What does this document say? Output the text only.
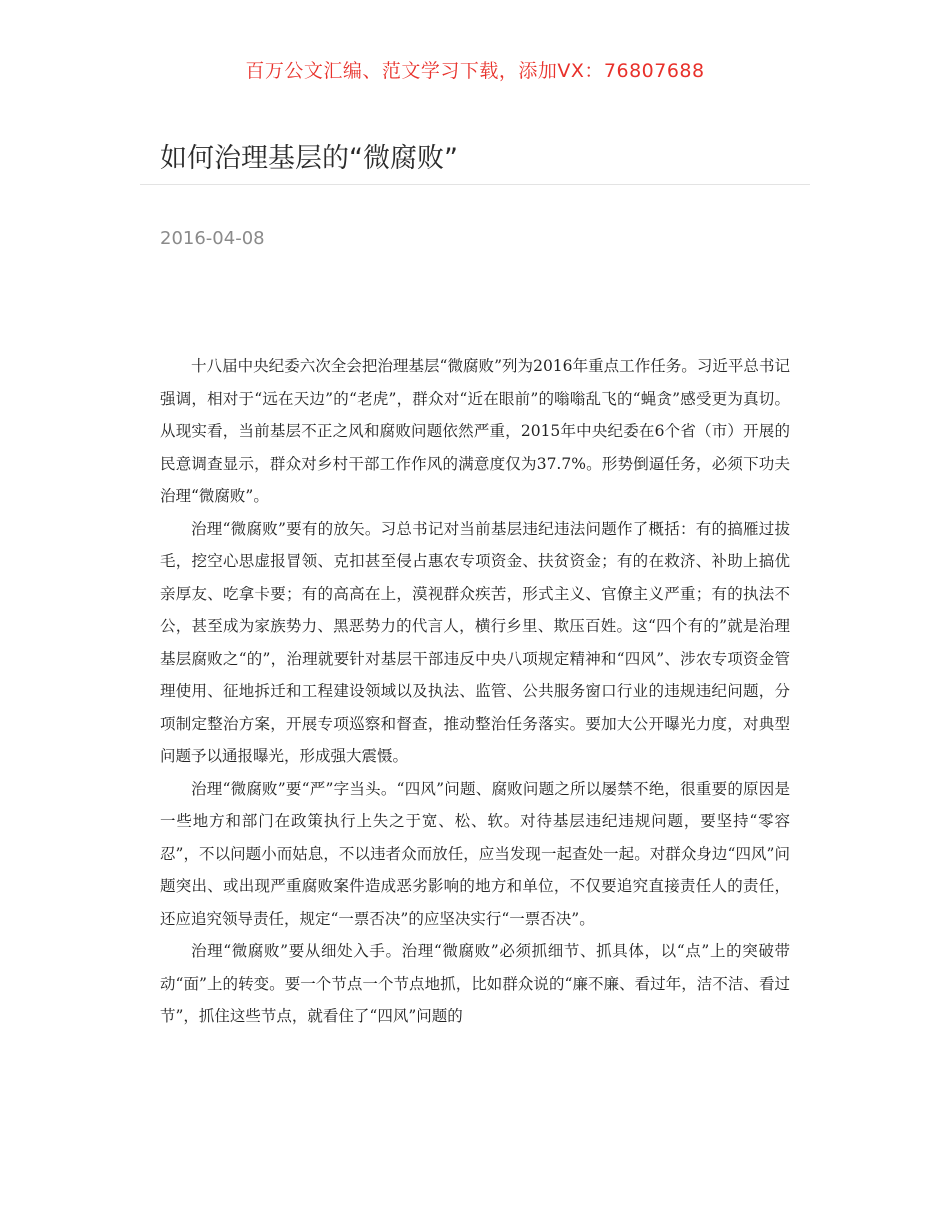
百万公文汇编、范文学习下载，添加VX：76807688
如何治理基层的“微腐败”
2016-04-08

十八届中央纪委六次全会把治理基层“微腐败”列为2016年重点工作任务。习近平总书记强调，相对于“远在天边”的“老虎”，群众对“近在眼前”的嗡嗡乱飞的“蝇贪”感受更为真切。从现实看，当前基层不正之风和腐败问题依然严重，2015年中央纪委在6个省（市）开展的民意调查显示，群众对乡村干部工作作风的满意度仅为37.7%。形势倒逼任务，必须下功夫治理“微腐败”。

治理“微腐败”要有的放矢。习总书记对当前基层违纪违法问题作了概括：有的搞雁过拔毛，挖空心思虚报冒领、克扣甚至侵占惠农专项资金、扶贫资金；有的在救济、补助上搞优亲厚友、吃拿卡要；有的高高在上，漠视群众疾苦，形式主义、官僚主义严重；有的执法不公，甚至成为家族势力、黑恶势力的代言人，横行乡里、欺压百姓。这“四个有的”就是治理基层腐败之“的”，治理就要针对基层干部违反中央八项规定精神和“四风”、涉农专项资金管理使用、征地拆迁和工程建设领域以及执法、监管、公共服务窗口行业的违规违纪问题，分项制定整治方案，开展专项巡察和督查，推动整治任务落实。要加大公开曝光力度，对典型问题予以通报曝光，形成强大震慑。

治理“微腐败”要“严”字当头。“四风”问题、腐败问题之所以屡禁不绝，很重要的原因是一些地方和部门在政策执行上失之于宽、松、软。对待基层违纪违规问题，要坚持“零容忍”，不以问题小而姑息，不以违者众而放任，应当发现一起查处一起。对群众身边“四风”问题突出、或出现严重腐败案件造成恶劣影响的地方和单位，不仅要追究直接责任人的责任，还应追究领导责任，规定“一票否决”的应坚决实行“一票否决”。

治理“微腐败”要从细处入手。治理“微腐败”必须抓细节、抓具体，以“点”上的突破带动“面”上的转变。要一个节点一个节点地抓，比如群众说的“廉不廉、看过年，洁不洁、看过节”，抓住这些节点，就看住了“四风”问题的
